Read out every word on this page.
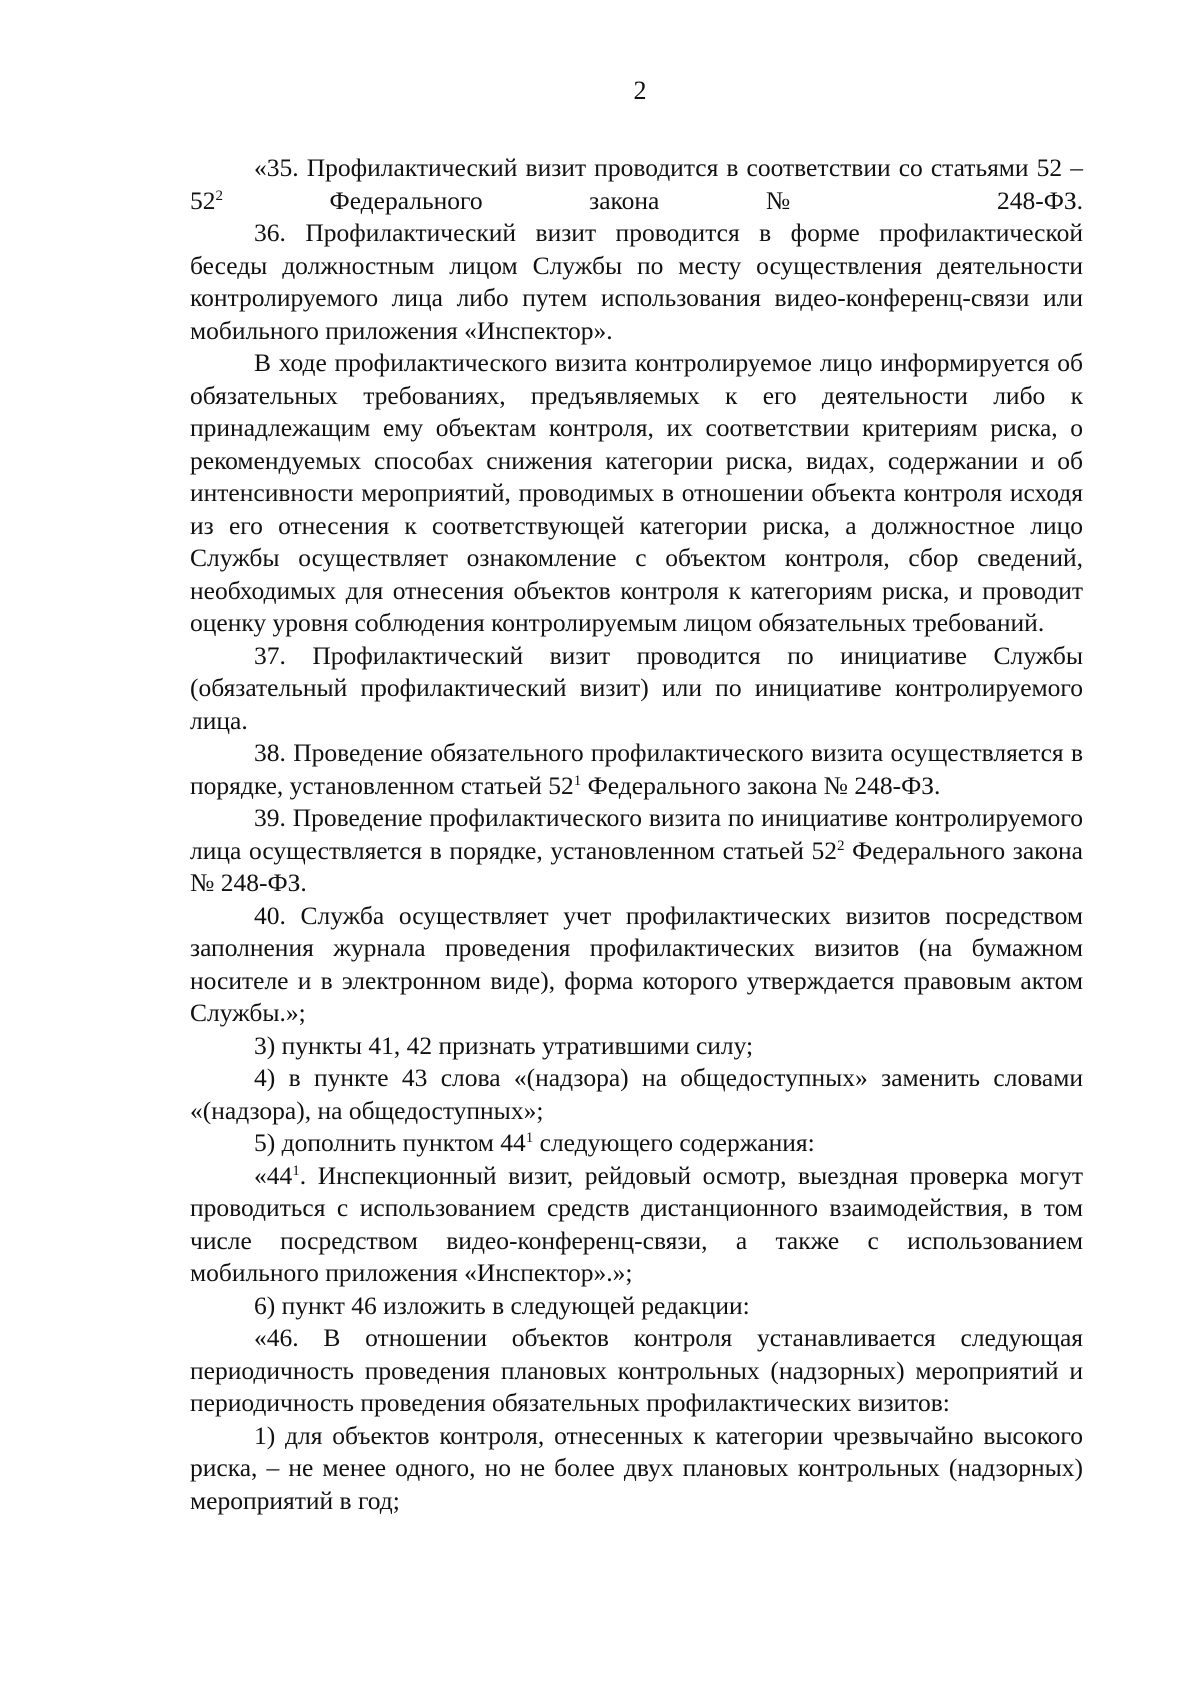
2

«35. Профилактический визит проводится в соответствии со статьями $52 - 52^2$ Федерального закона № 248-ФЗ.

36. Профилактический визит проводится в форме профилактической беседы должностным лицом Службы по месту осуществления деятельности контролируемого лица либо путем использования видео-конференц-связи или мобильного приложения «Инспектор».

В ходе профилактического визита контролируемое лицо информируется об обязательных требованиях, предъявляемых к его деятельности либо к принадлежащим ему объектам контроля, их соответствии критериям риска, о рекомендуемых способах снижения категории риска, видах, содержании и об интенсивности мероприятий, проводимых в отношении объекта контроля исходя из его отнесения к соответствующей категории риска, а должностное лицо Службы осуществляет ознакомление с объектом контроля, сбор сведений, необходимых для отнесения объектов контроля к категориям риска, и проводит оценку уровня соблюдения контролируемым лицом обязательных требований.

37. Профилактический визит проводится по инициативе Службы (обязательный профилактический визит) или по инициативе контролируемого лица.

38. Проведение обязательного профилактического визита осуществляется в порядке, установленном статьей $52^1$ Федерального закона № 248-ФЗ.

39. Проведение профилактического визита по инициативе контролируемого лица осуществляется в порядке, установленном статьей $52^2$ Федерального закона № 248-ФЗ.

40. Служба осуществляет учет профилактических визитов посредством заполнения журнала проведения профилактических визитов (на бумажном носителе и в электронном виде), форма которого утверждается правовым актом Службы.»;

3) пункты 41, 42 признать утратившими силу;

4) в пункте 43 слова «(надзора) на общедоступных» заменить словами «(надзора), на общедоступных»;

5) дополнить пунктом $44^1$ следующего содержания:

«$44^1$. Инспекционный визит, рейдовый осмотр, выездная проверка могут проводиться с использованием средств дистанционного взаимодействия, в том числе посредством видео-конференц-связи, а также с использованием мобильного приложения «Инспектор».»;

6) пункт 46 изложить в следующей редакции:

«46. В отношении объектов контроля устанавливается следующая периодичность проведения плановых контрольных (надзорных) мероприятий и периодичность проведения обязательных профилактических визитов:

1) для объектов контроля, отнесенных к категории чрезвычайно высокого риска, – не менее одного, но не более двух плановых контрольных (надзорных) мероприятий в год;
